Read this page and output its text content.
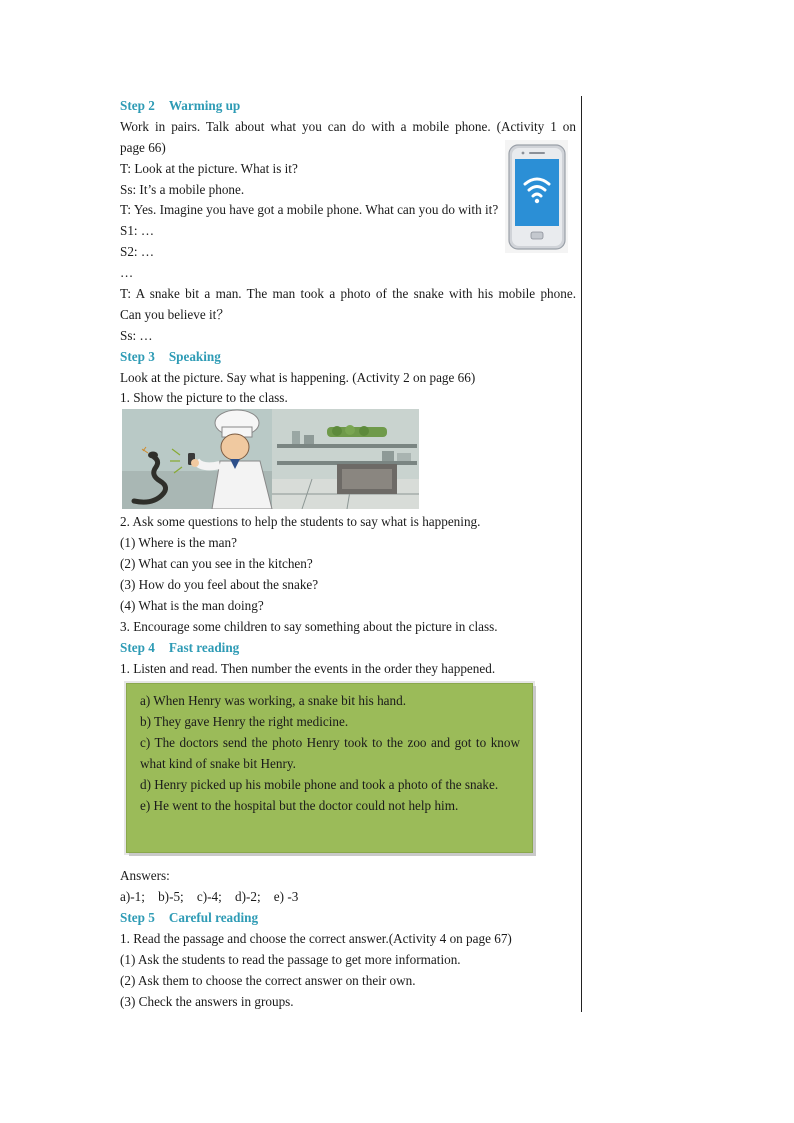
Step 2 Warming up
Work in pairs. Talk about what you can do with a mobile phone. (Activity 1 on
page 66)
T: Look at the picture. What is it?
Ss: It’s a mobile phone.
T: Yes. Imagine you have got a mobile phone. What can you do with it?
S1: …
S2: …
…
T: A snake bit a man. The man took a photo of the snake with his mobile phone.
Can you believe it？
Ss: …
Step 3 Speaking
Look at the picture. Say what is happening. (Activity 2 on page 66)
1. Show the picture to the class.
2. Ask some questions to help the students to say what is happening.
(1) Where is the man?
(2) What can you see in the kitchen?
(3) How do you feel about the snake?
(4) What is the man doing?
3. Encourage some children to say something about the picture in class.
Step 4 Fast reading
1. Listen and read. Then number the events in the order they happened.
Answers:
a)-1;    b)-5;    c)-4;    d)-2;    e) -3
Step 5 Careful reading
1. Read the passage and choose the correct answer.(Activity 4 on page 67)
(1) Ask the students to read the passage to get more information.
(2) Ask them to choose the correct answer on their own.
(3) Check the answers in groups.
a) When Henry was working, a snake bit his hand.
b) They gave Henry the right medicine.
c) The doctors send the photo Henry took to the zoo and got to know what kind of snake bit Henry.
d) Henry picked up his mobile phone and took a photo of the snake.
e) He went to the hospital but the doctor could not help him.
